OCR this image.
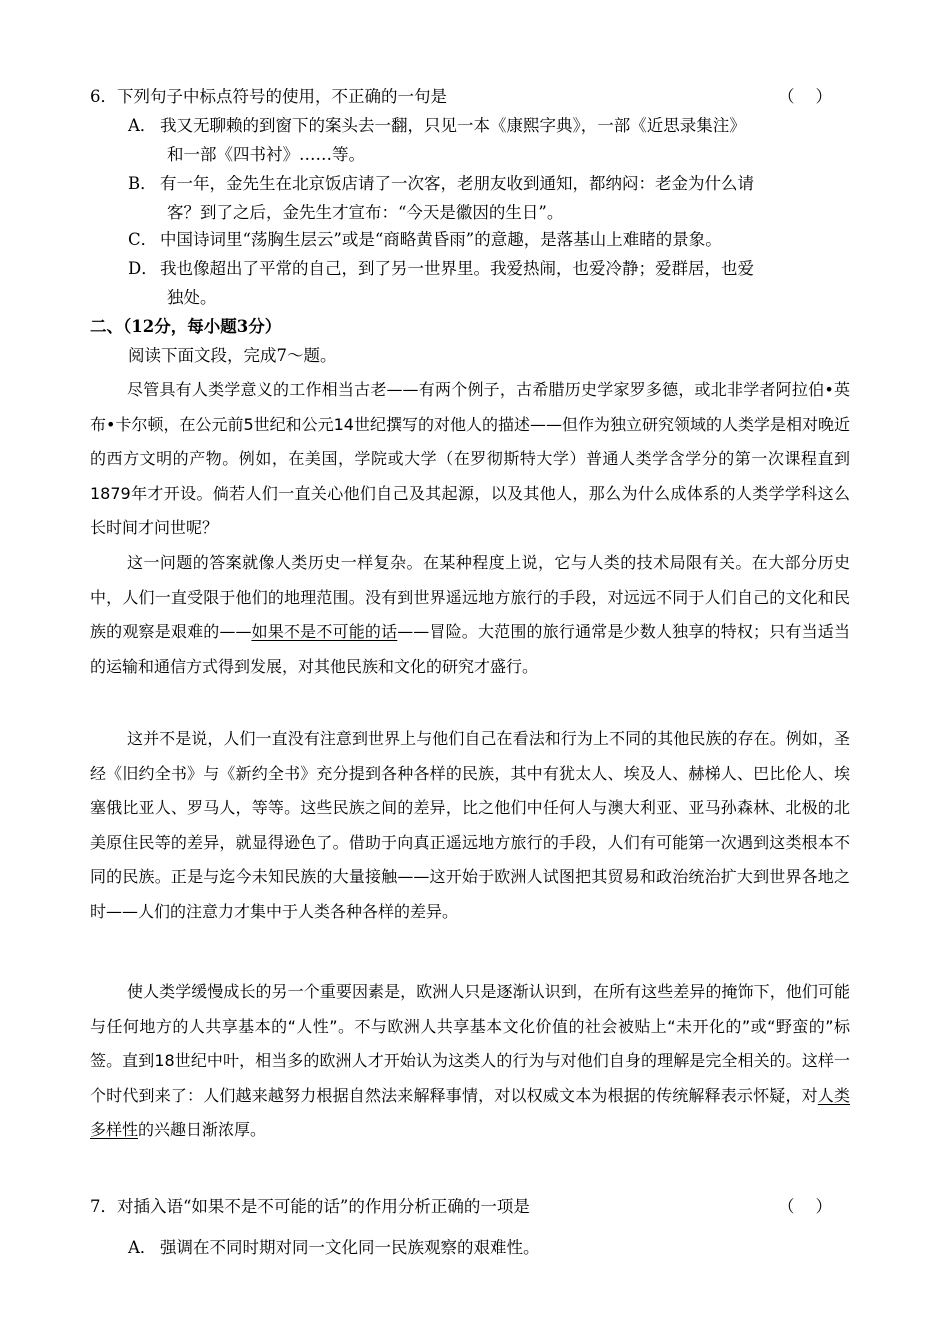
6．下列句子中标点符号的使用，不正确的一句是	（    ）
A． 我又无聊赖的到窗下的案头去一翻，只见一本《康熙字典》，一部《近思录集注》
和一部《四书衬》……等。
B． 有一年，金先生在北京饭店请了一次客，老朋友收到通知，都纳闷：老金为什么请
客？到了之后，金先生才宣布：“今天是徽因的生日”。
C． 中国诗词里“荡胸生层云”或是“商略黄昏雨”的意趣，是落基山上难睹的景象。
D． 我也像超出了平常的自己，到了另一世界里。我爱热闹，也爱冷静；爱群居，也爱
独处。
二、（12分，每小题3分）
阅读下面文段，完成7～题。
尽管具有人类学意义的工作相当古老——有两个例子，古希腊历史学家罗多德，或北非学者阿拉伯•英布•卡尔顿，在公元前5世纪和公元14世纪撰写的对他人的描述——但作为独立研究领域的人类学是相对晚近的西方文明的产物。例如，在美国，学院或大学（在罗彻斯特大学）普通人类学含学分的第一次课程直到1879年才开设。倘若人们一直关心他们自己及其起源，以及其他人，那么为什么成体系的人类学学科这么长时间才问世呢？
这一问题的答案就像人类历史一样复杂。在某种程度上说，它与人类的技术局限有关。在大部分历史中，人们一直受限于他们的地理范围。没有到世界遥远地方旅行的手段，对远远不同于人们自己的文化和民族的观察是艰难的——如果不是不可能的话——冒险。大范围的旅行通常是少数人独享的特权；只有当适当的运输和通信方式得到发展，对其他民族和文化的研究才盛行。
这并不是说，人们一直没有注意到世界上与他们自己在看法和行为上不同的其他民族的存在。例如，圣经《旧约全书》与《新约全书》充分提到各种各样的民族，其中有犹太人、埃及人、赫梯人、巴比伦人、埃塞俄比亚人、罗马人，等等。这些民族之间的差异，比之他们中任何人与澳大利亚、亚马孙森林、北极的北美原住民等的差异，就显得逊色了。借助于向真正遥远地方旅行的手段，人们有可能第一次遇到这类根本不同的民族。正是与迄今未知民族的大量接触——这开始于欧洲人试图把其贸易和政治统治扩大到世界各地之时——人们的注意力才集中于人类各种各样的差异。
使人类学缓慢成长的另一个重要因素是，欧洲人只是逐渐认识到，在所有这些差异的掩饰下，他们可能与任何地方的人共享基本的“人性”。不与欧洲人共享基本文化价值的社会被贴上“未开化的”或“野蛮的”标签。直到18世纪中叶，相当多的欧洲人才开始认为这类人的行为与对他们自身的理解是完全相关的。这样一个时代到来了：人们越来越努力根据自然法来解释事情，对以权威文本为根据的传统解释表示怀疑，对人类多样性的兴趣日渐浓厚。
7．对插入语“如果不是不可能的话”的作用分析正确的一项是	（    ）
A． 强调在不同时期对同一文化同一民族观察的艰难性。
